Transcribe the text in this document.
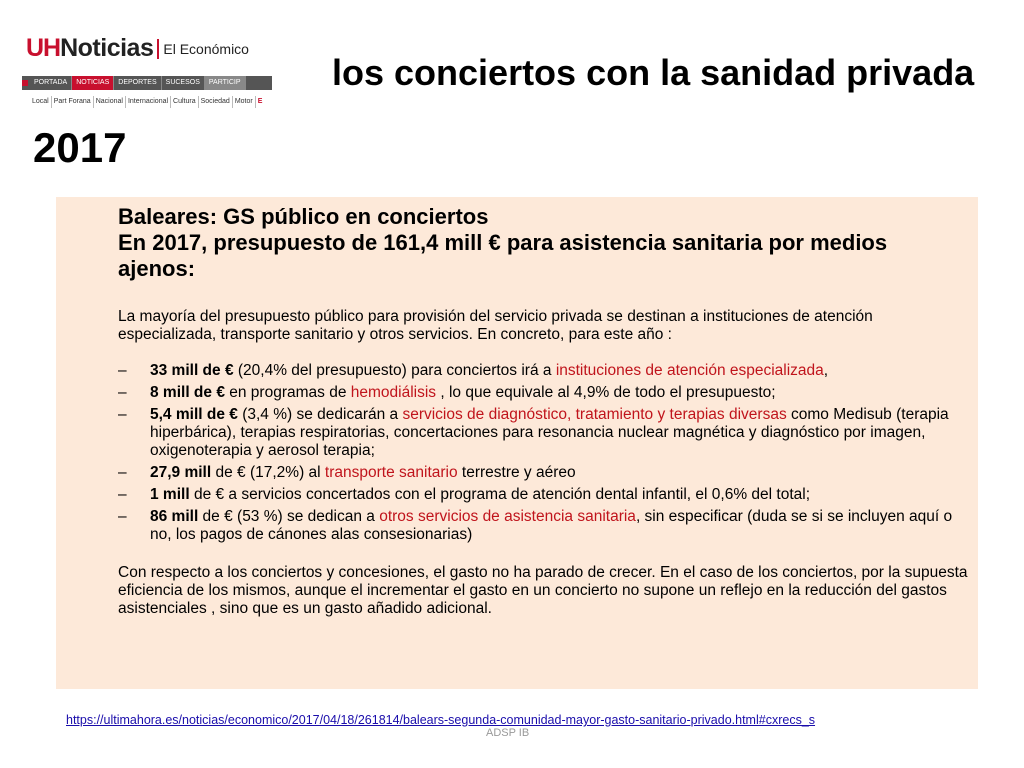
UHNoticias El Económico
PORTADA	NOTICIAS	DEPORTES	SUCESOS	PARTICIP
Local Part Forana Nacional Internacional Cultura Sociedad Motor E
los conciertos con la sanidad privada
2017
Baleares: GS público en conciertos
En 2017, presupuesto de 161,4 mill € para asistencia sanitaria por medios ajenos:
La mayoría del presupuesto público para provisión del servicio privada se destinan a instituciones de atención especializada, transporte sanitario y otros servicios. En concreto, para este año :
– 33 mill de € (20,4% del presupuesto) para conciertos irá a instituciones de atención especializada,
– 8 mill de € en programas de hemodiálisis , lo que equivale al 4,9% de todo el presupuesto;
– 5,4 mill de € (3,4 %) se dedicarán a servicios de diagnóstico, tratamiento y terapias diversas como Medisub (terapia hiperbárica), terapias respiratorias, concertaciones para resonancia nuclear magnética y diagnóstico por imagen, oxigenoterapia y aerosol terapia;
– 27,9 mill de € (17,2%) al transporte sanitario terrestre y aéreo
– 1 mill de € a servicios concertados con el programa de atención dental infantil, el 0,6% del total;
– 86 mill de € (53 %) se dedican a otros servicios de asistencia sanitaria, sin especificar (duda se si se incluyen aquí o no, los pagos de cánones alas consesionarias)
Con respecto a los conciertos y concesiones, el gasto no ha parado de crecer. En el caso de los conciertos, por la supuesta eficiencia de los mismos, aunque el incrementar el gasto en un concierto no supone un reflejo en la reducción del gastos asistenciales , sino que es un gasto añadido adicional.
https://ultimahora.es/noticias/economico/2017/04/18/261814/balears-segunda-comunidad-mayor-gasto-sanitario-privado.html#cxrecs_s
ADSP IB
